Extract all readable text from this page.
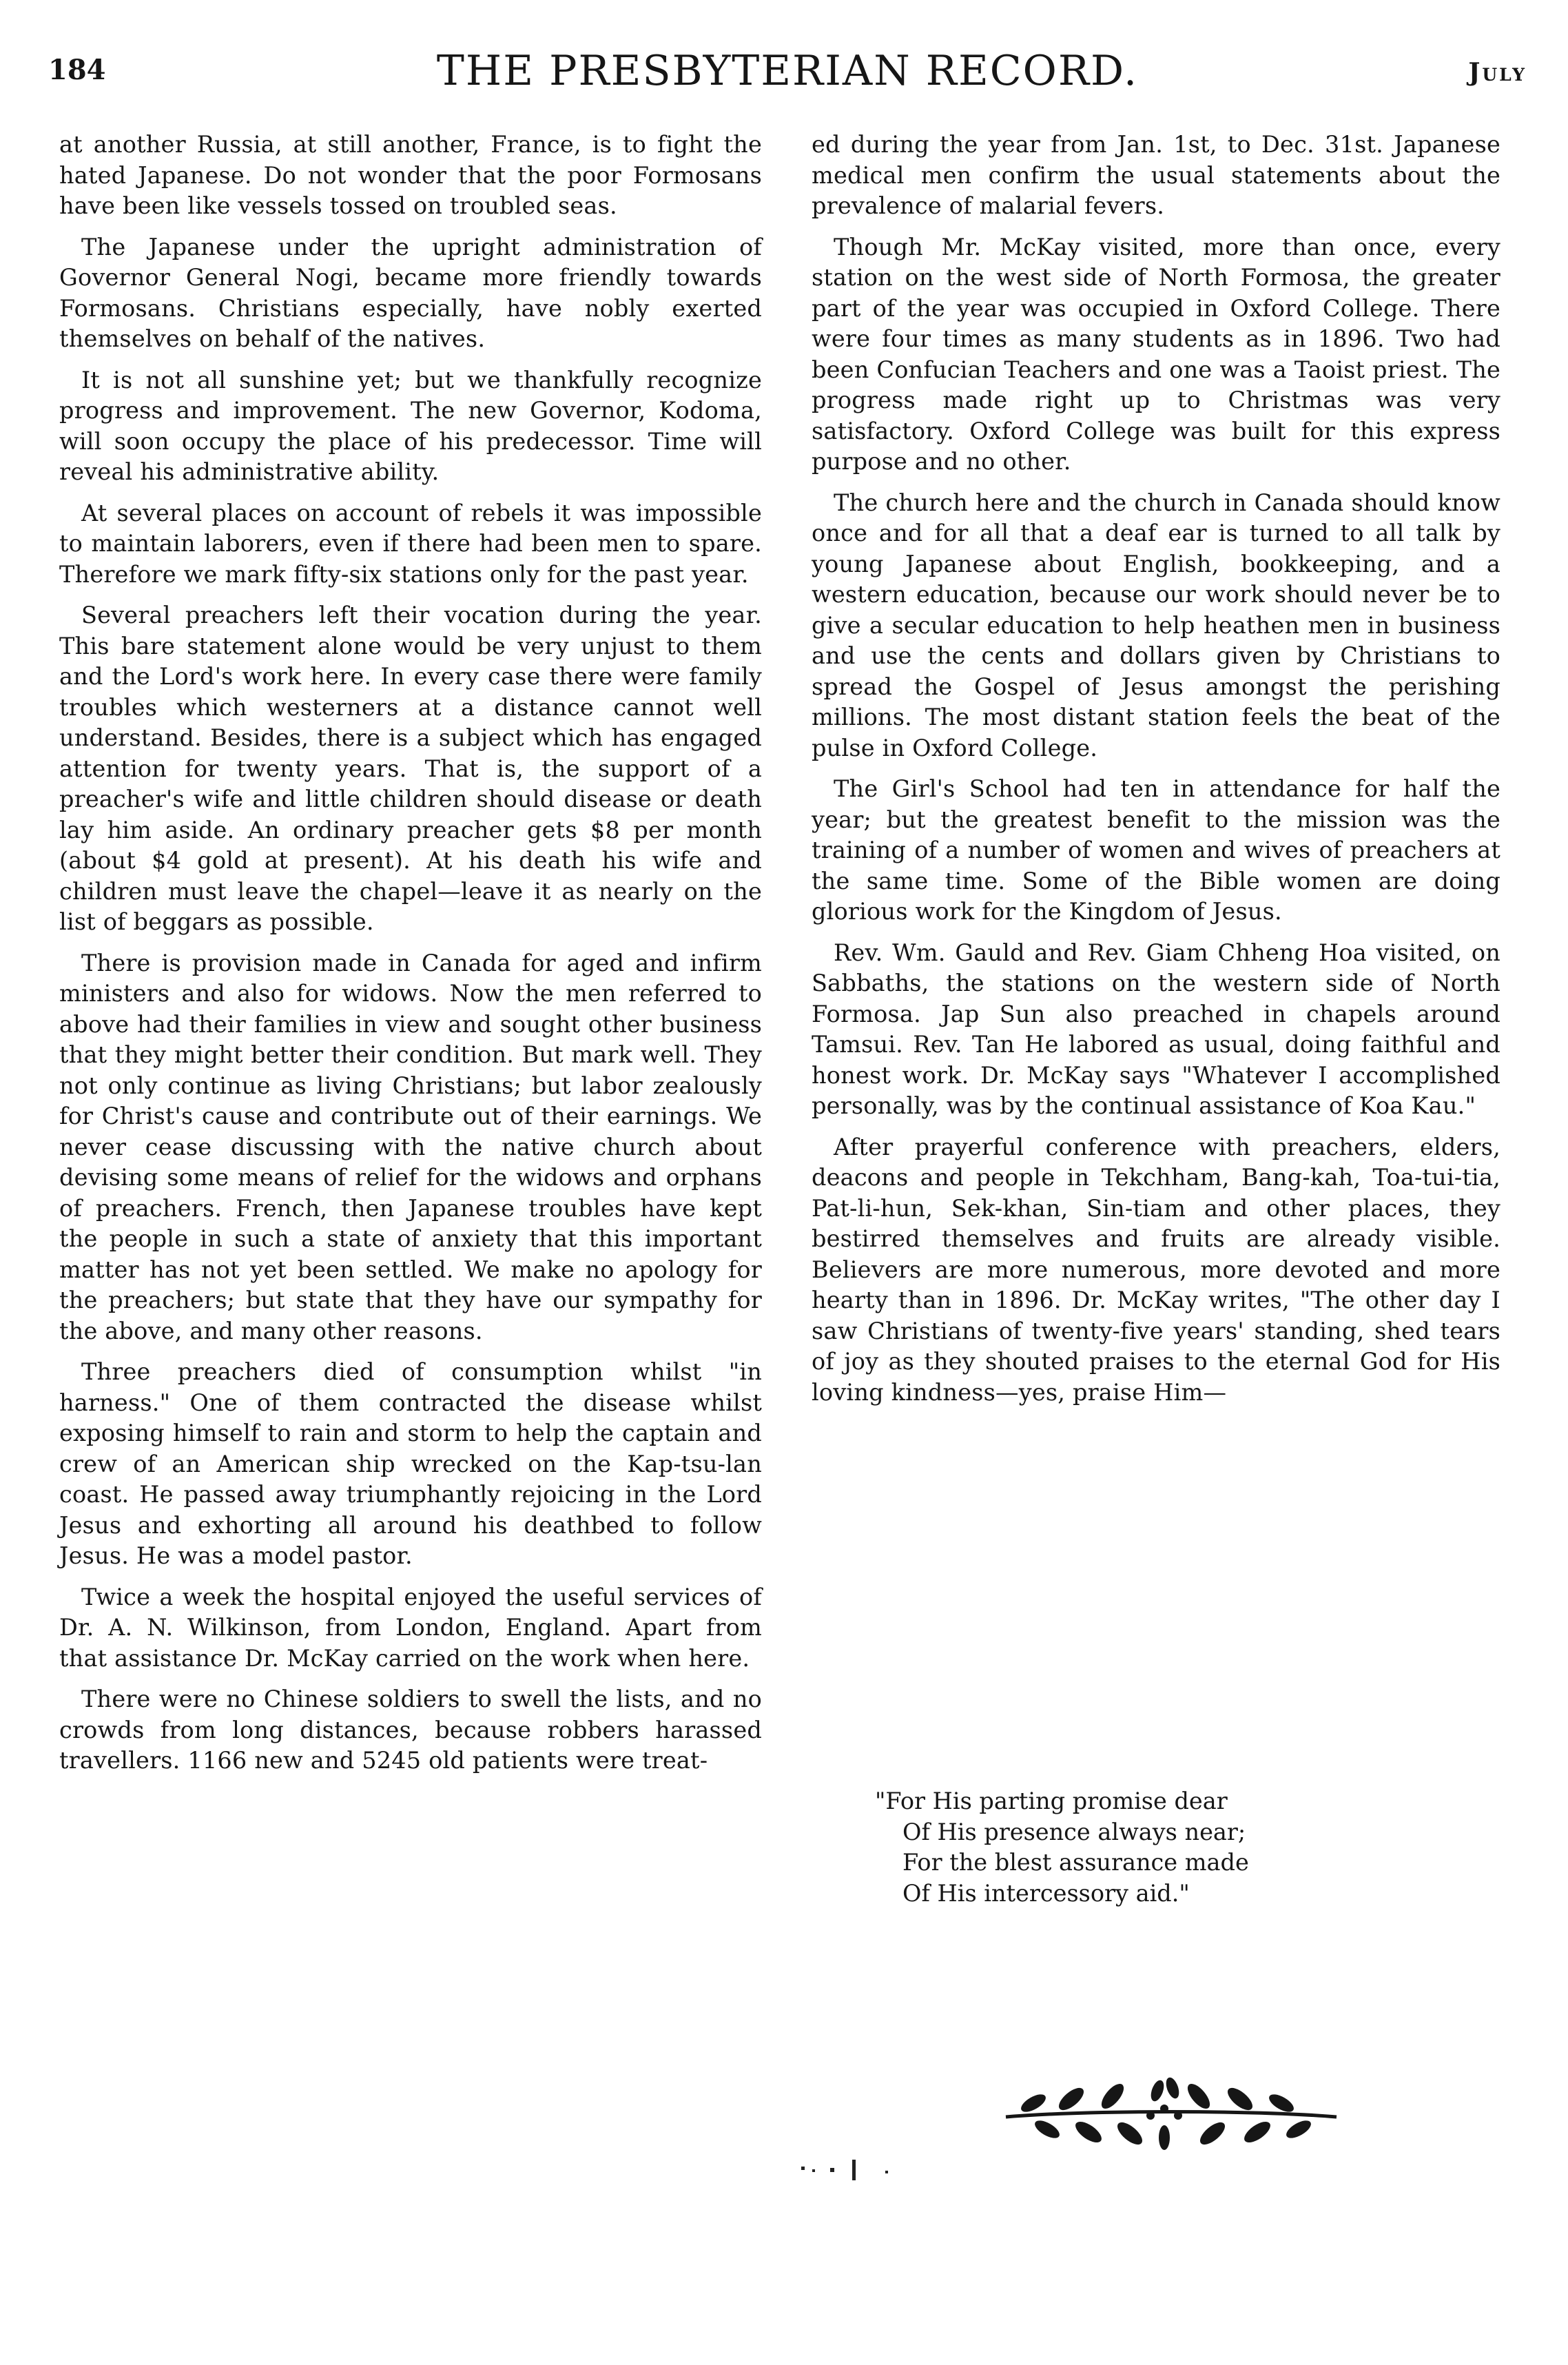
184	THE PRESBYTERIAN RECORD.	July

at another Russia, at still another, France, is to fight the hated Japanese. Do not wonder that the poor Formosans have been like vessels tossed on troubled seas.

The Japanese under the upright administration of Governor General Nogi, became more friendly towards Formosans. Christians especially, have nobly exerted themselves on behalf of the natives.

It is not all sunshine yet; but we thankfully recognize progress and improvement. The new Governor, Kodoma, will soon occupy the place of his predecessor. Time will reveal his administrative ability.

At several places on account of rebels it was impossible to maintain laborers, even if there had been men to spare. Therefore we mark fifty-six stations only for the past year.

Several preachers left their vocation during the year. This bare statement alone would be very unjust to them and the Lord's work here. In every case there were family troubles which westerners at a distance cannot well understand. Besides, there is a subject which has engaged attention for twenty years. That is, the support of a preacher's wife and little children should disease or death lay him aside. An ordinary preacher gets $8 per month (about $4 gold at present). At his death his wife and children must leave the chapel—leave it as nearly on the list of beggars as possible.

There is provision made in Canada for aged and infirm ministers and also for widows. Now the men referred to above had their families in view and sought other business that they might better their condition. But mark well. They not only continue as living Christians; but labor zealously for Christ's cause and contribute out of their earnings. We never cease discussing with the native church about devising some means of relief for the widows and orphans of preachers. French, then Japanese troubles have kept the people in such a state of anxiety that this important matter has not yet been settled. We make no apology for the preachers; but state that they have our sympathy for the above, and many other reasons.

Three preachers died of consumption whilst "in harness." One of them contracted the disease whilst exposing himself to rain and storm to help the captain and crew of an American ship wrecked on the Kap-tsu-lan coast. He passed away triumphantly rejoicing in the Lord Jesus and exhorting all around his deathbed to follow Jesus. He was a model pastor.

Twice a week the hospital enjoyed the useful services of Dr. A. N. Wilkinson, from London, England. Apart from that assistance Dr. McKay carried on the work when here.

There were no Chinese soldiers to swell the lists, and no crowds from long distances, because robbers harassed travellers. 1166 new and 5245 old patients were treat-

ed during the year from Jan. 1st, to Dec. 31st. Japanese medical men confirm the usual statements about the prevalence of malarial fevers.

Though Mr. McKay visited, more than once, every station on the west side of North Formosa, the greater part of the year was occupied in Oxford College. There were four times as many students as in 1896. Two had been Confucian Teachers and one was a Taoist priest. The progress made right up to Christmas was very satisfactory. Oxford College was built for this express purpose and no other.

The church here and the church in Canada should know once and for all that a deaf ear is turned to all talk by young Japanese about English, bookkeeping, and a western education, because our work should never be to give a secular education to help heathen men in business and use the cents and dollars given by Christians to spread the Gospel of Jesus amongst the perishing millions. The most distant station feels the beat of the pulse in Oxford College.

The Girl's School had ten in attendance for half the year; but the greatest benefit to the mission was the training of a number of women and wives of preachers at the same time. Some of the Bible women are doing glorious work for the Kingdom of Jesus.

Rev. Wm. Gauld and Rev. Giam Chheng Hoa visited, on Sabbaths, the stations on the western side of North Formosa. Jap Sun also preached in chapels around Tamsui. Rev. Tan He labored as usual, doing faithful and honest work. Dr. McKay says "Whatever I accomplished personally, was by the continual assistance of Koa Kau."

After prayerful conference with preachers, elders, deacons and people in Tekchham, Bang-kah, Toa-tui-tia, Pat-li-hun, Sek-khan, Sin-tiam and other places, they bestirred themselves and fruits are already visible. Believers are more numerous, more devoted and more hearty than in 1896. Dr. McKay writes, "The other day I saw Christians of twenty-five years' standing, shed tears of joy as they shouted praises to the eternal God for His loving kindness—yes, praise Him—

"For His parting promise dear
Of His presence always near;
For the blest assurance made
Of His intercessory aid."
